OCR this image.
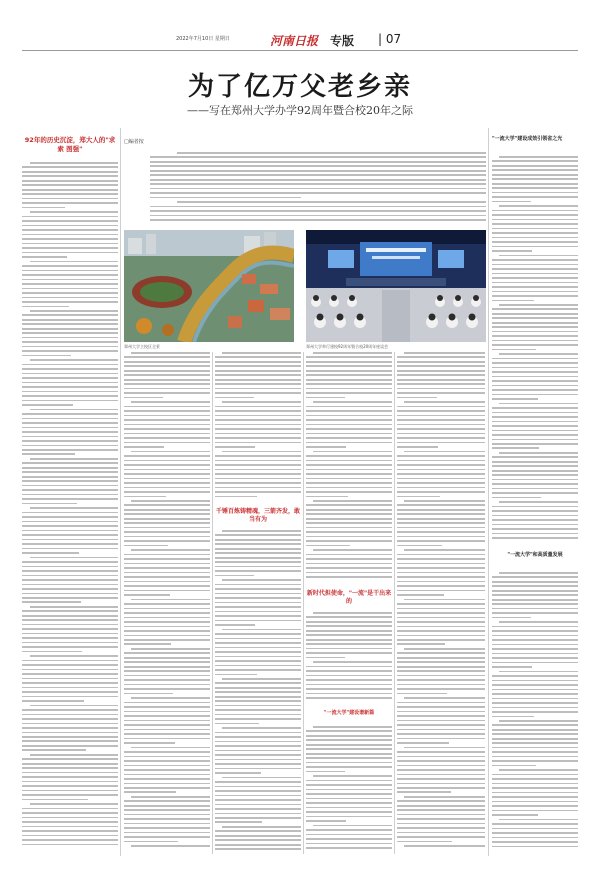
2022年7月10日 星期日	河南日报 专版 | 07
为了亿万父老乡亲
——写在郑州大学办学92周年暨合校20年之际
92年的历史沉淀，郑大人的"求索 图强"
□编者按
郑州大学主校区全景	郑州大学举行建校92周年暨合校20周年座谈会
千锤百炼铸精魂，三箭齐发，敢当有为
新时代担使命，"一流"是干出来的
"一流大学"建设谱新篇
"一流大学"建设成效引领省之光
"一流大学"和高质量发展
